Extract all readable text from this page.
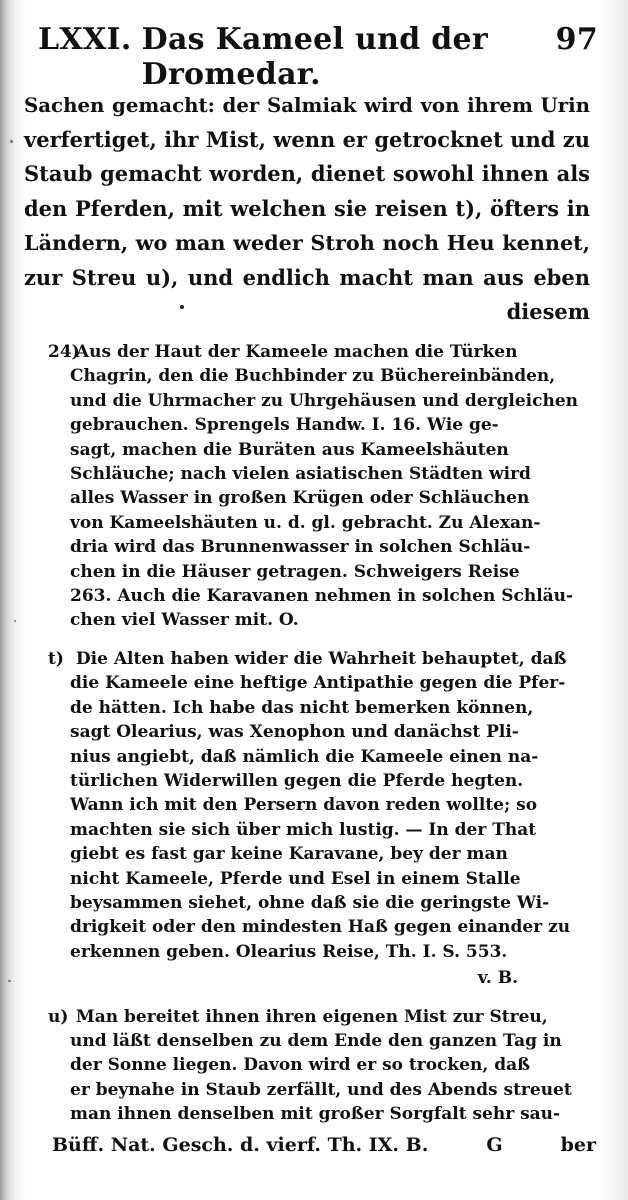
LXXI. Das Kameel und der Dromedar.
97
Sachen gemacht: der Salmiak wird von ihrem Urin
verfertiget, ihr Mist, wenn er getrocknet und zu
Staub gemacht worden, dienet sowohl ihnen als
den Pferden, mit welchen sie reisen t), öfters in
Ländern, wo man weder Stroh noch Heu kennet,
zur Streu u), und endlich macht man aus eben
diesem
24) Aus der Haut der Kameele machen die Türken
Chagrin, den die Buchbinder zu Büchereinbänden,
und die Uhrmacher zu Uhrgehäusen und dergleichen
gebrauchen. Sprengels Handw. I. 16. Wie ge-
sagt, machen die Buräten aus Kameelshäuten
Schläuche; nach vielen asiatischen Städten wird
alles Wasser in großen Krügen oder Schläuchen
von Kameelshäuten u. d. gl. gebracht. Zu Alexan-
dria wird das Brunnenwasser in solchen Schläu-
chen in die Häuser getragen. Schweigers Reise
263. Auch die Karavanen nehmen in solchen Schläu-
chen viel Wasser mit. O.
t) Die Alten haben wider die Wahrheit behauptet, daß
die Kameele eine heftige Antipathie gegen die Pfer-
de hätten. Ich habe das nicht bemerken können,
sagt Olearius, was Xenophon und danächst Pli-
nius angiebt, daß nämlich die Kameele einen na-
türlichen Widerwillen gegen die Pferde hegten.
Wann ich mit den Persern davon reden wollte; so
machten sie sich über mich lustig. — In der That
giebt es fast gar keine Karavane, bey der man
nicht Kameele, Pferde und Esel in einem Stalle
beysammen siehet, ohne daß sie die geringste Wi-
drigkeit oder den mindesten Haß gegen einander zu
erkennen geben. Olearius Reise, Th. I. S. 553.
v. B.
u) Man bereitet ihnen ihren eigenen Mist zur Streu,
und läßt denselben zu dem Ende den ganzen Tag in
der Sonne liegen. Davon wird er so trocken, daß
er beynahe in Staub zerfällt, und des Abends streuet
man ihnen denselben mit großer Sorgfalt sehr sau-
Büff. Nat. Gesch. d. vierf. Th. IX. B.	G	ber
